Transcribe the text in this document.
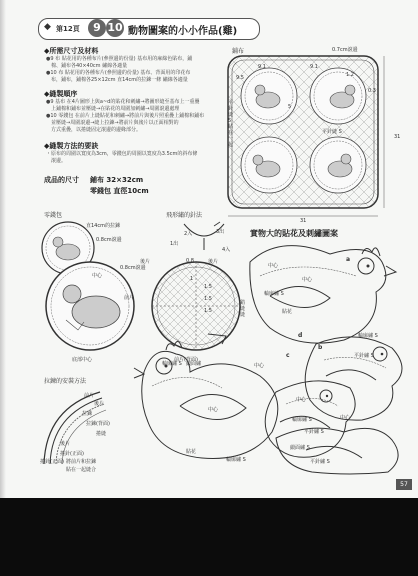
◆ 第12頁	9 10 動物圖案的小小作品(雞)
◆所需尺寸及材料
●9 布 貼花用的各種布片(參照邊的份量) 基布用的麻綠色貼布，鋪
　棉、鋪布各40×40cm 繡線各適量
●10 布 貼花用的各種布片(參照邊的份量) 基布、背面用的印花布
　布，鋪布，鋪棉各25×12cm 直14cm的拉鍊一條 繡線各適量
◆縫製順序
●9 基布 在4片圖形上與a~d的貼花和刺繡→將圖形縫至基布上一重疊
　上鋪棉和鋪布並壓縫→在貼花的周圍加刺繡→周圍滾邊處理
●10 零錢包 在前片上縫貼花和刺繡→將前片與後片照重疊上鋪棉和鋪布
　並壓縫→周圍滾邊→縫上拉鍊→將前片與後片以正面相對的
　方式重疊，以捲縫固定滾邊的邊緣部分。
◆縫製方法的要訣
・原布的周圍以寬度為3cm，零錢包的周圍以寬度為3.5cm的斜布條
　滾邊。
成品的尺寸 鋪布 32×32cm
零錢包 直徑10cm
鋪布	0.7cm滾邊
9.5
9.1
1.2
5
9.1
0.3
平針縫 S
31
31
平針縫 5 貼在一起
零錢包
直14cm的拉鍊
0.8cm滾邊
飛形繡的針法
1出
2入	3出
4入
中心
後片	0.8	後片
1.5
1.5
1.5
1
錯縫縫
前片
底部中心	前片(背面)
0.8cm滾邊
拉鍊的安裝方法
前片
後片
拉鍊
拉鍊(背面)
捲縫
後片
捲針(正面)
捲針(正面) 將前片和拉鍊
貼在一起縫合
實物大的貼花及刺繡圖案
a
b
c
d
中心
輪廓繡 S
中心
貼花
輪廓繡 S
平針繡 S
輪廓繡 S 緞面繡	中心
中心
中心
輪廓繡 S
平針繡 S
貼花
中心
輪廓繡 S
緞面繡 S
平針繡 S
57
